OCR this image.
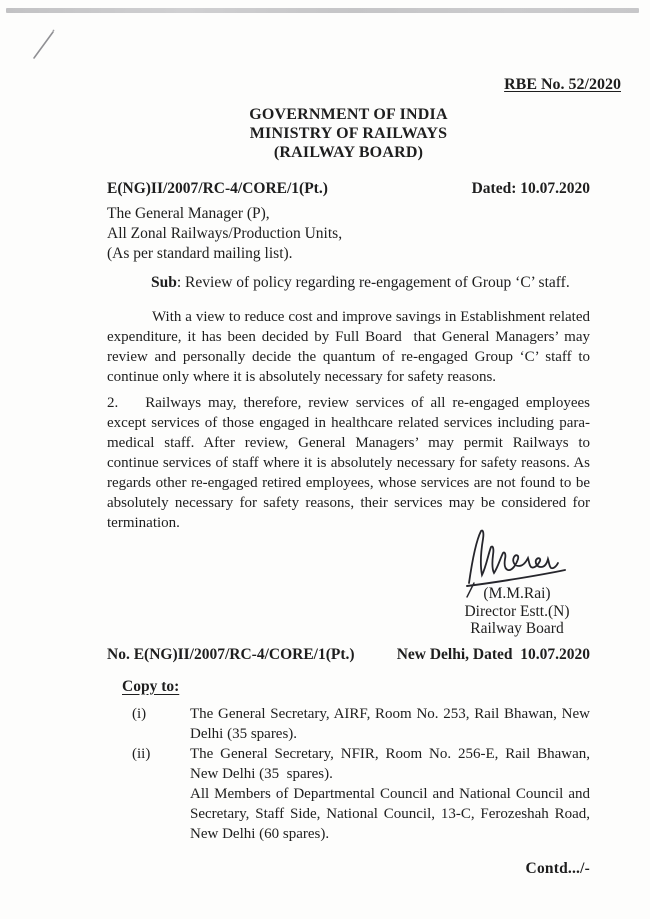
RBE No. 52/2020
GOVERNMENT OF INDIA
MINISTRY OF RAILWAYS
(RAILWAY BOARD)
E(NG)II/2007/RC-4/CORE/1(Pt.)	Dated: 10.07.2020
The General Manager (P),
All Zonal Railways/Production Units,
(As per standard mailing list).
Sub: Review of policy regarding re-engagement of Group ‘C’ staff.

With a view to reduce cost and improve savings in Establishment related expenditure, it has been decided by Full Board  that General Managers’ may review and personally decide the quantum of re-engaged Group ‘C’ staff to continue only where it is absolutely necessary for safety reasons.

2. Railways may, therefore, review services of all re-engaged employees except services of those engaged in healthcare related services including para-medical staff. After review, General Managers’ may permit Railways to continue services of staff where it is absolutely necessary for safety reasons. As regards other re-engaged retired employees, whose services are not found to be absolutely necessary for safety reasons, their services may be considered for termination.

(M.M.Rai)
Director Estt.(N)
Railway Board
No. E(NG)II/2007/RC-4/CORE/1(Pt.)	New Delhi, Dated  10.07.2020
Copy to:
(i)	The General Secretary, AIRF, Room No. 253, Rail Bhawan, New Delhi (35 spares).
(ii)	The General Secretary, NFIR, Room No. 256-E, Rail Bhawan, New Delhi (35  spares).
All Members of Departmental Council and National Council and Secretary, Staff Side, National Council, 13-C, Ferozeshah Road, New Delhi (60 spares).
Contd.../-
